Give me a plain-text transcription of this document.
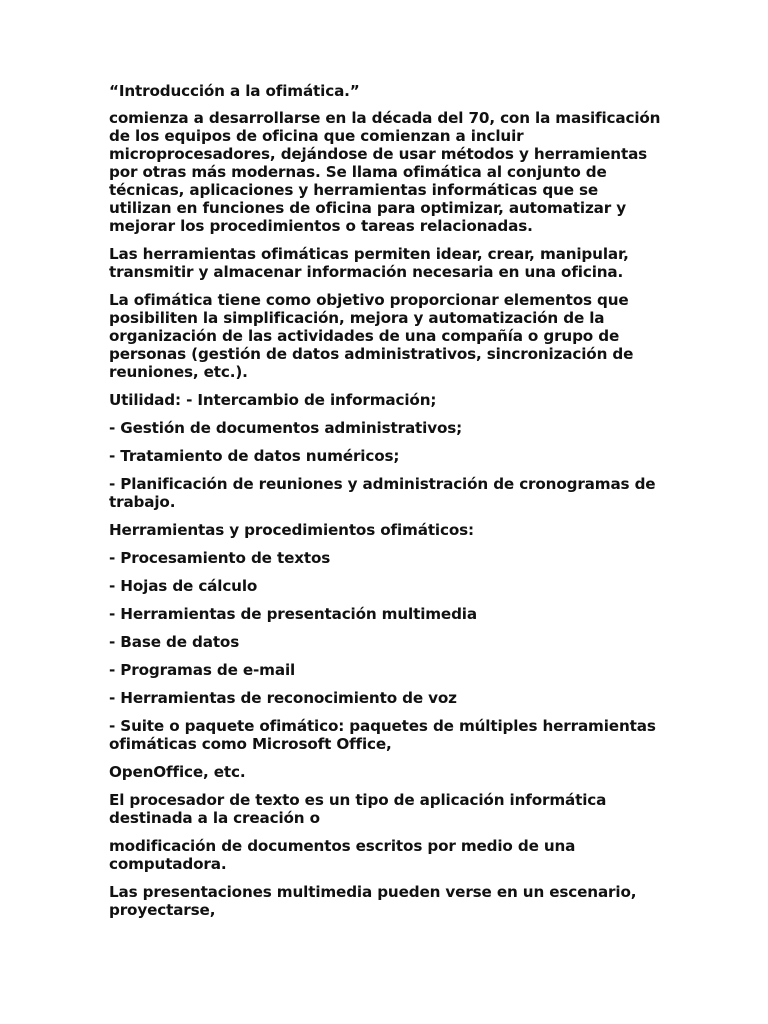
“Introducción a la ofimática.”

comienza a desarrollarse en la década del 70, con la masificación de los equipos de oficina que comienzan a incluir microprocesadores, dejándose de usar métodos y herramientas por otras más modernas. Se llama ofimática al conjunto de técnicas, aplicaciones y herramientas informáticas que se utilizan en funciones de oficina para optimizar, automatizar y mejorar los procedimientos o tareas relacionadas.

Las herramientas ofimáticas permiten idear, crear, manipular, transmitir y almacenar información necesaria en una oficina.

La ofimática tiene como objetivo proporcionar elementos que posibiliten la simplificación, mejora y automatización de la organización de las actividades de una compañía o grupo de personas (gestión de datos administrativos, sincronización de reuniones, etc.).

Utilidad: - Intercambio de información;

- Gestión de documentos administrativos;

- Tratamiento de datos numéricos;

- Planificación de reuniones y administración de cronogramas de trabajo.

Herramientas y procedimientos ofimáticos:

- Procesamiento de textos

- Hojas de cálculo

- Herramientas de presentación multimedia

- Base de datos

- Programas de e-mail

- Herramientas de reconocimiento de voz

- Suite o paquete ofimático: paquetes de múltiples herramientas ofimáticas como Microsoft Office,

OpenOffice, etc.

El procesador de texto es un tipo de aplicación informática destinada a la creación o

modificación de documentos escritos por medio de una computadora.

Las presentaciones multimedia pueden verse en un escenario, proyectarse,
